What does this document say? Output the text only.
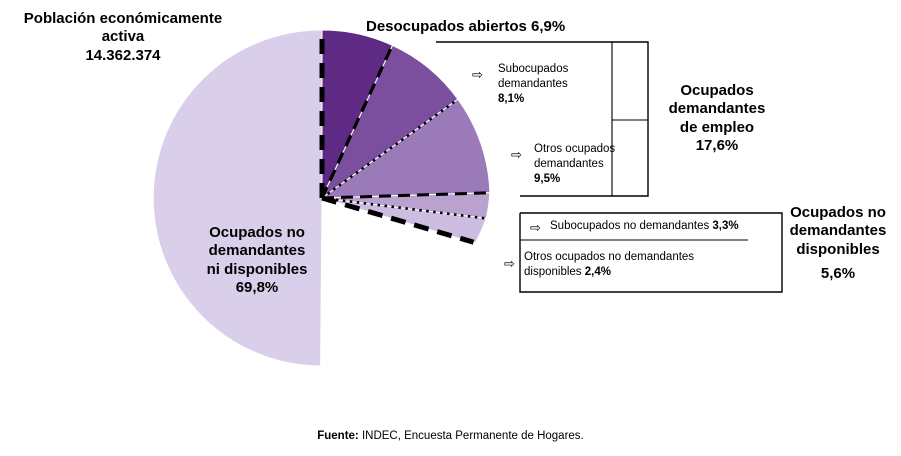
Población económicamente activa
14.362.374
Desocupados abiertos 6,9%
Ocupados no
demandantes
ni disponibles
69,8%
Ocupados
demandantes
de empleo
17,6%
Ocupados no
demandantes
disponibles
5,6%
⇨ Subocupados
demandantes
8,1%
⇨ Otros ocupados
demandantes
9,5%
⇨ Subocupados no demandantes 3,3%
⇨ Otros ocupados no demandantes
disponibles 2,4%
Fuente: INDEC, Encuesta Permanente de Hogares.
